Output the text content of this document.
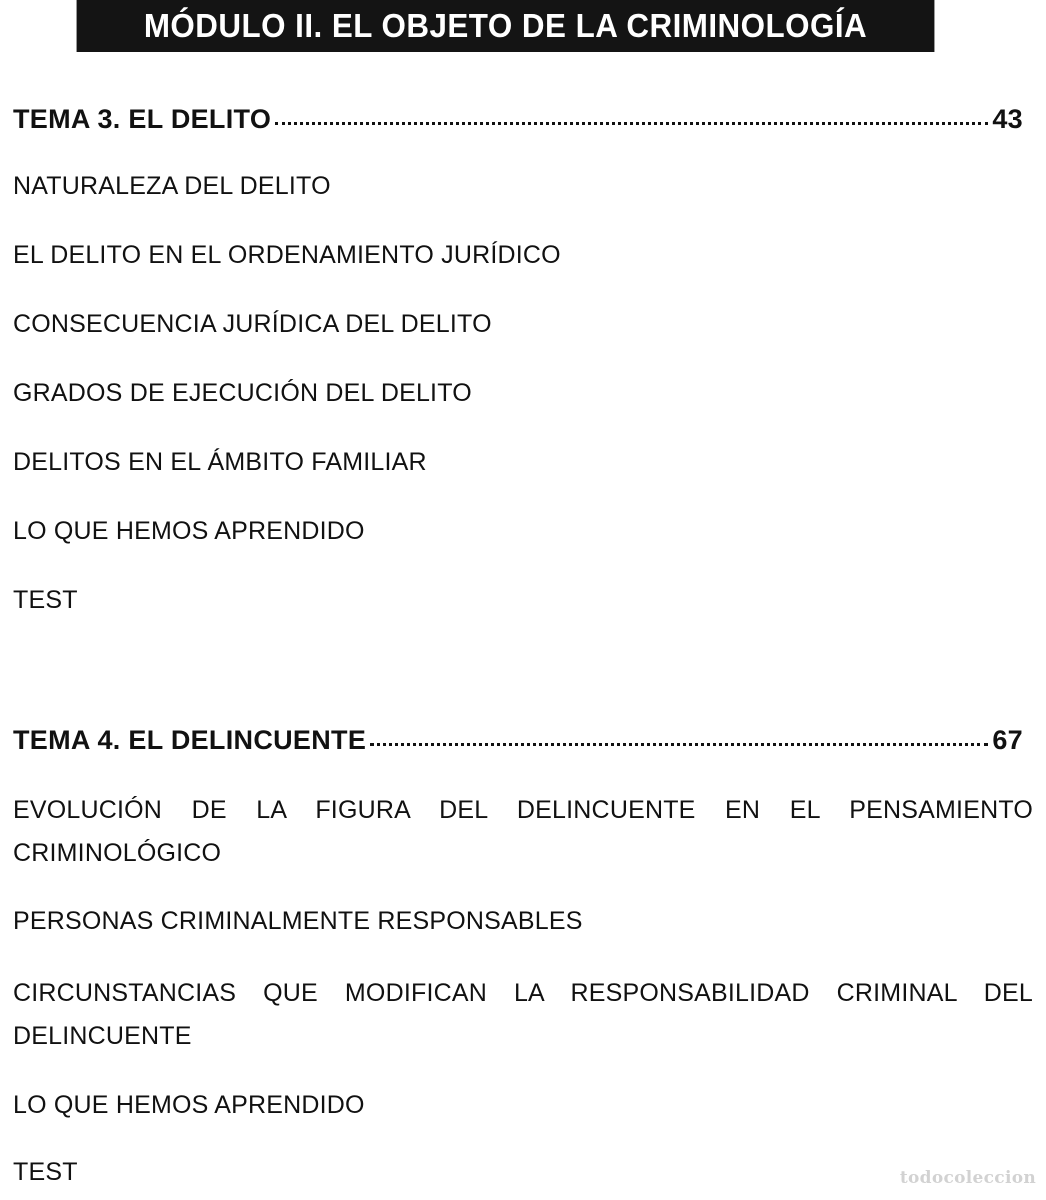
MÓDULO II. EL OBJETO DE LA CRIMINOLOGÍA
TEMA 3. EL DELITO	43
NATURALEZA DEL DELITO
EL DELITO EN EL ORDENAMIENTO JURÍDICO
CONSECUENCIA JURÍDICA DEL DELITO
GRADOS DE EJECUCIÓN DEL DELITO
DELITOS EN EL ÁMBITO FAMILIAR
LO QUE HEMOS APRENDIDO
TEST
TEMA 4. EL DELINCUENTE	67
EVOLUCIÓN DE LA FIGURA DEL DELINCUENTE EN EL PENSAMIENTO
CRIMINOLÓGICO
PERSONAS CRIMINALMENTE RESPONSABLES
CIRCUNSTANCIAS QUE MODIFICAN LA RESPONSABILIDAD CRIMINAL DEL
DELINCUENTE
LO QUE HEMOS APRENDIDO
TEST	todocoleccion
